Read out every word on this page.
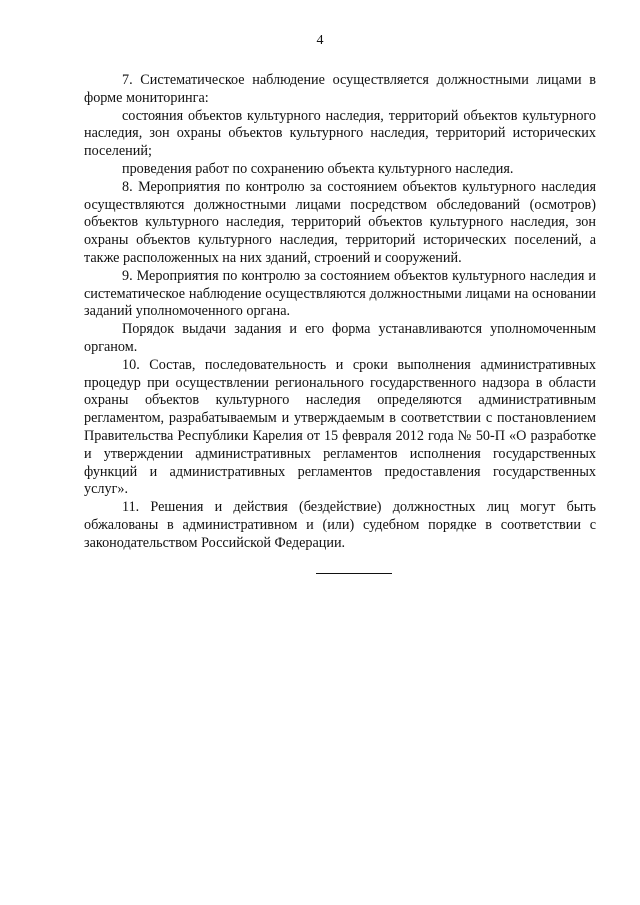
4

7. Систематическое наблюдение осуществляется должностными лицами в форме мониторинга:

состояния объектов культурного наследия, территорий объектов культурного наследия, зон охраны объектов культурного наследия, территорий исторических поселений;

проведения работ по сохранению объекта культурного наследия.

8. Мероприятия по контролю за состоянием объектов культурного наследия осуществляются должностными лицами посредством обследований (осмотров) объектов культурного наследия, территорий объектов культурного наследия, зон охраны объектов культурного наследия, территорий исторических поселений, а также расположенных на них зданий, строений и сооружений.

9. Мероприятия по контролю за состоянием объектов культурного наследия и систематическое наблюдение осуществляются должностными лицами на основании заданий уполномоченного органа.

Порядок выдачи задания и его форма устанавливаются уполномоченным органом.

10. Состав, последовательность и сроки выполнения административных процедур при осуществлении регионального государственного надзора в области охраны объектов культурного наследия определяются административным регламентом, разрабатываемым и утверждаемым в соответствии с постановлением Правительства Республики Карелия от 15 февраля 2012 года № 50-П «О разработке и утверждении административных регламентов исполнения государственных функций и административных регламентов предоставления государственных услуг».

11. Решения и действия (бездействие) должностных лиц могут быть обжалованы в административном и (или) судебном порядке в соответствии с законодательством Российской Федерации.
